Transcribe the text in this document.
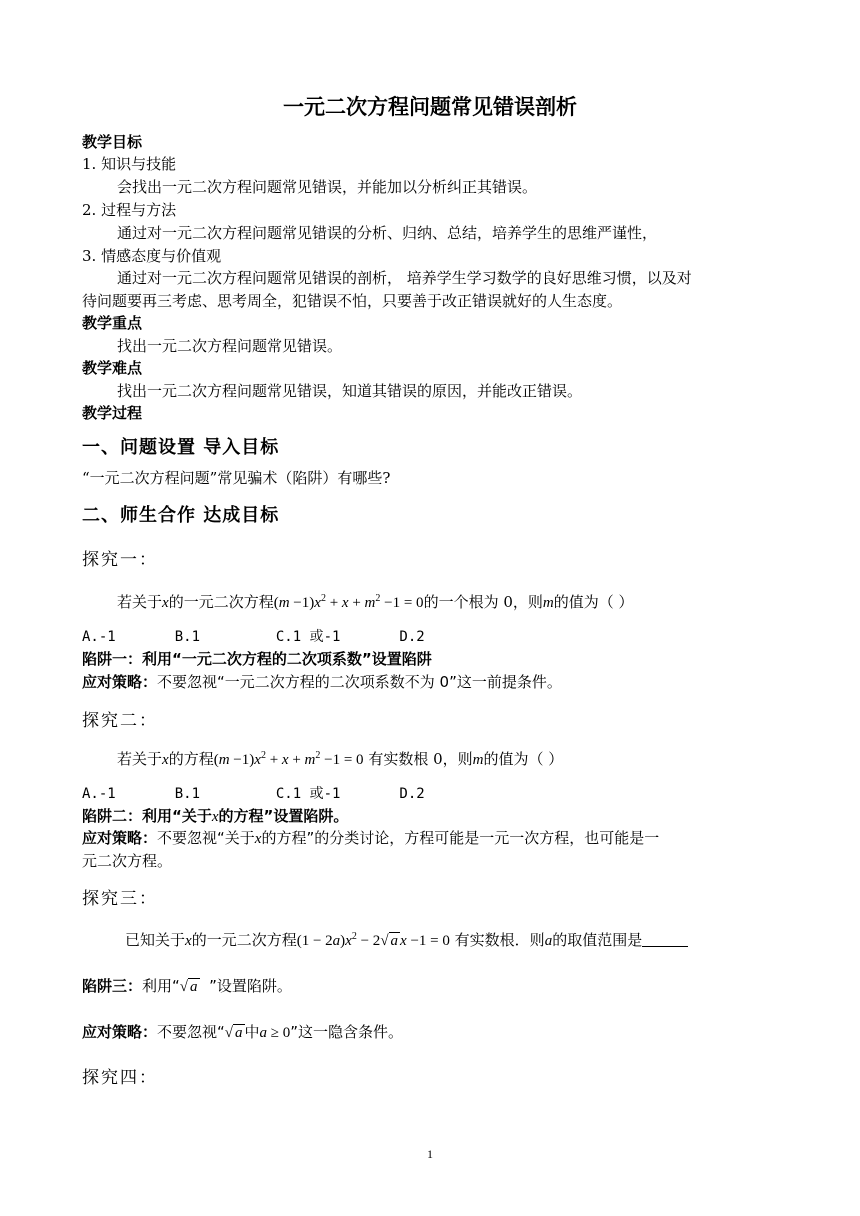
一元二次方程问题常见错误剖析
教学目标
1. 知识与技能
会找出一元二次方程问题常见错误，并能加以分析纠正其错误。
2. 过程与方法
通过对一元二次方程问题常见错误的分析、归纳、总结，培养学生的思维严谨性，
3. 情感态度与价值观
通过对一元二次方程问题常见错误的剖析， 培养学生学习数学的良好思维习惯，以及对
待问题要再三考虑、思考周全，犯错误不怕，只要善于改正错误就好的人生态度。
教学重点
找出一元二次方程问题常见错误。
教学难点
找出一元二次方程问题常见错误，知道其错误的原因，并能改正错误。
教学过程
一、问题设置 导入目标
“一元二次方程问题”常见骗术（陷阱）有哪些?
二、师生合作 达成目标
探究一：
若关于x的一元二次方程$(m -1)x^2 + x + m^2 -1 = 0$的一个根为 0，则m的值为（ ）
A.-1       B.1         C.1 或-1       D.2
陷阱一：利用“一元二次方程的二次项系数”设置陷阱
应对策略：不要忽视“一元二次方程的二次项系数不为 0”这一前提条件。
探究二：
若关于x的方程$(m -1)x^2 + x + m^2 -1 = 0$ 有实数根 0，则m的值为（ ）
A.-1       B.1         C.1 或-1       D.2
陷阱二：利用“关于x的方程”设置陷阱。
应对策略：不要忽视“关于x的方程”的分类讨论，方程可能是一元一次方程，也可能是一
元二次方程。
探究三：
已知关于x的一元二次方程$(1 - 2a)x^2 - 2√$ a x −1 = 0 有实数根．则a的取值范围是
陷阱三：利用“√ a  ”设置陷阱。
应对策略：不要忽视“√ a 中a ≥ 0”这一隐含条件。
探究四：
1
